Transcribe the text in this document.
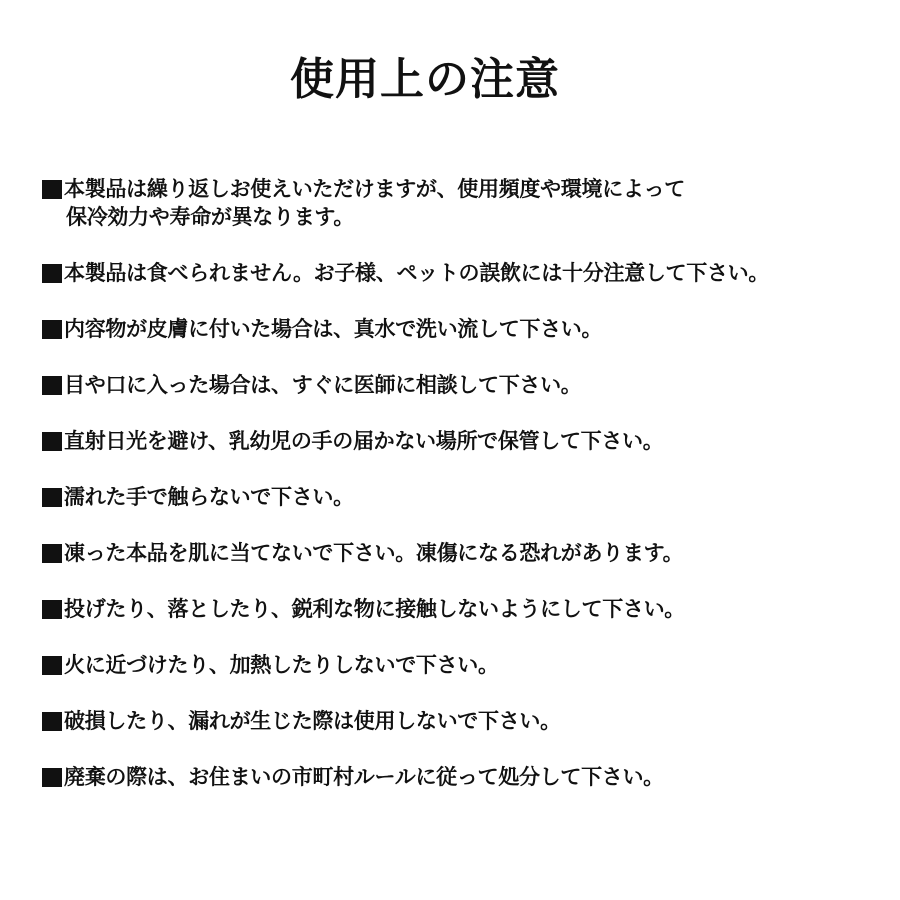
使用上の注意
本製品は繰り返しお使えいただけますが、使用頻度や環境によって
保冷効力や寿命が異なります。
本製品は食べられません。お子様、ペットの誤飲には十分注意して下さい。
内容物が皮膚に付いた場合は、真水で洗い流して下さい。
目や口に入った場合は、すぐに医師に相談して下さい。
直射日光を避け、乳幼児の手の届かない場所で保管して下さい。
濡れた手で触らないで下さい。
凍った本品を肌に当てないで下さい。凍傷になる恐れがあります。
投げたり、落としたり、鋭利な物に接触しないようにして下さい。
火に近づけたり、加熱したりしないで下さい。
破損したり、漏れが生じた際は使用しないで下さい。
廃棄の際は、お住まいの市町村ルールに従って処分して下さい。
